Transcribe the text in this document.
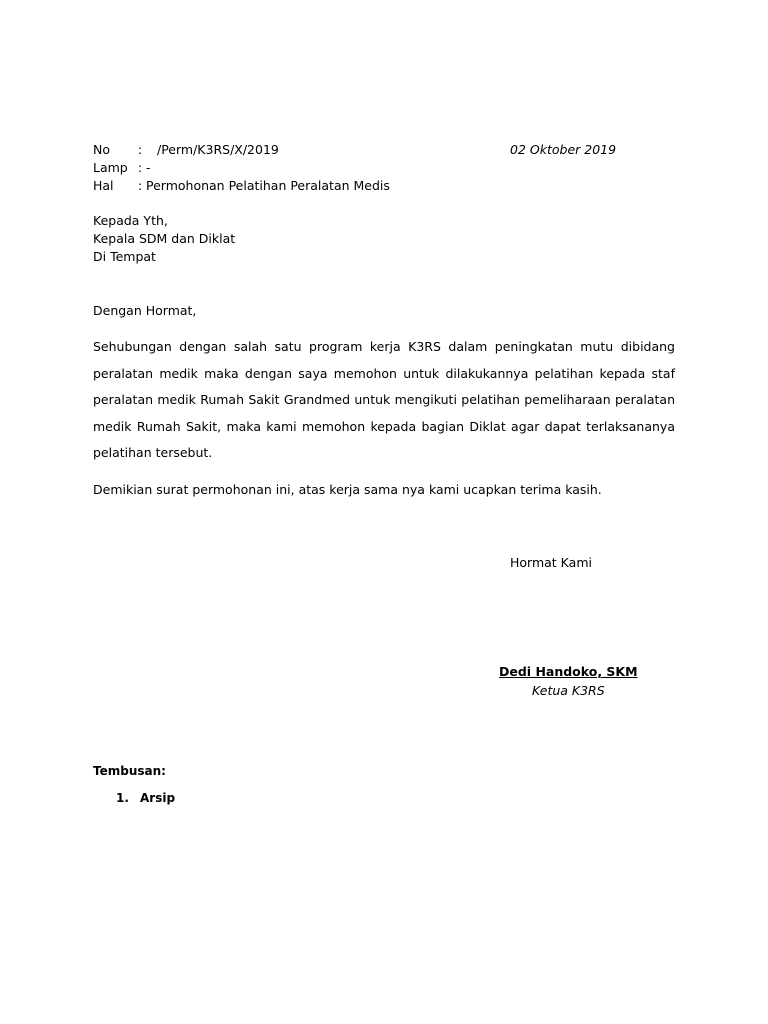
No : /Perm/K3RS/X/2019	02 Oktober 2019
Lamp : -
Hal : Permohonan Pelatihan Peralatan Medis
Kepada Yth,
Kepala SDM dan Diklat
Di Tempat
Dengan Hormat,
Sehubungan dengan salah satu program kerja K3RS dalam peningkatan mutu dibidang peralatan medik maka dengan saya memohon untuk dilakukannya pelatihan kepada staf peralatan medik Rumah Sakit Grandmed untuk mengikuti pelatihan pemeliharaan peralatan medik Rumah Sakit, maka kami memohon kepada bagian Diklat agar dapat terlaksananya pelatihan tersebut.
Demikian surat permohonan ini, atas kerja sama nya kami ucapkan terima kasih.
Hormat Kami
Dedi Handoko, SKM
Ketua K3RS
Tembusan:
1. Arsip
